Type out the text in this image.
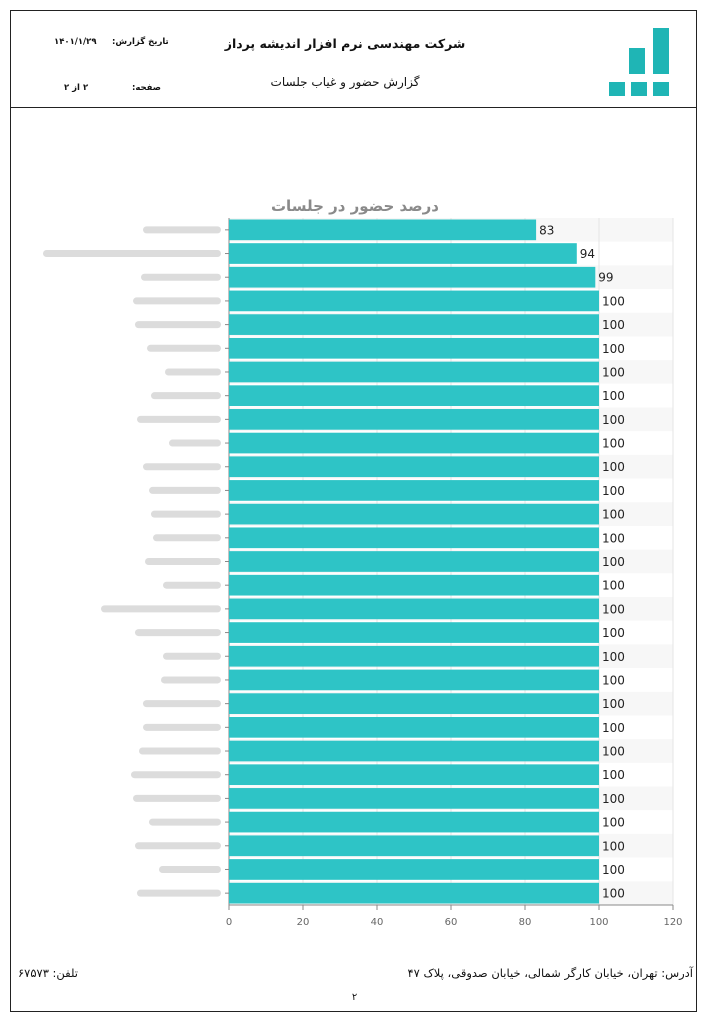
شرکت مهندسی نرم افزار اندیشه پرداز
گزارش حضور و غیاب جلسات
تاریخ گزارش:
۱۴۰۱/۱/۲۹
صفحه:
۲ از ۲
0	20	40	60	80	100	120
درصد حضور در جلسات
83
94
99
100
100
100
100
100
100
100
100
100
100
100
100
100
100
100
100
100
100
100
100
100
100
100
100
100
100
آدرس: تهران، خیابان کارگر شمالی، خیابان صدوقی، پلاک ۴۷
تلفن: ۶۷۵۷۳
۲
